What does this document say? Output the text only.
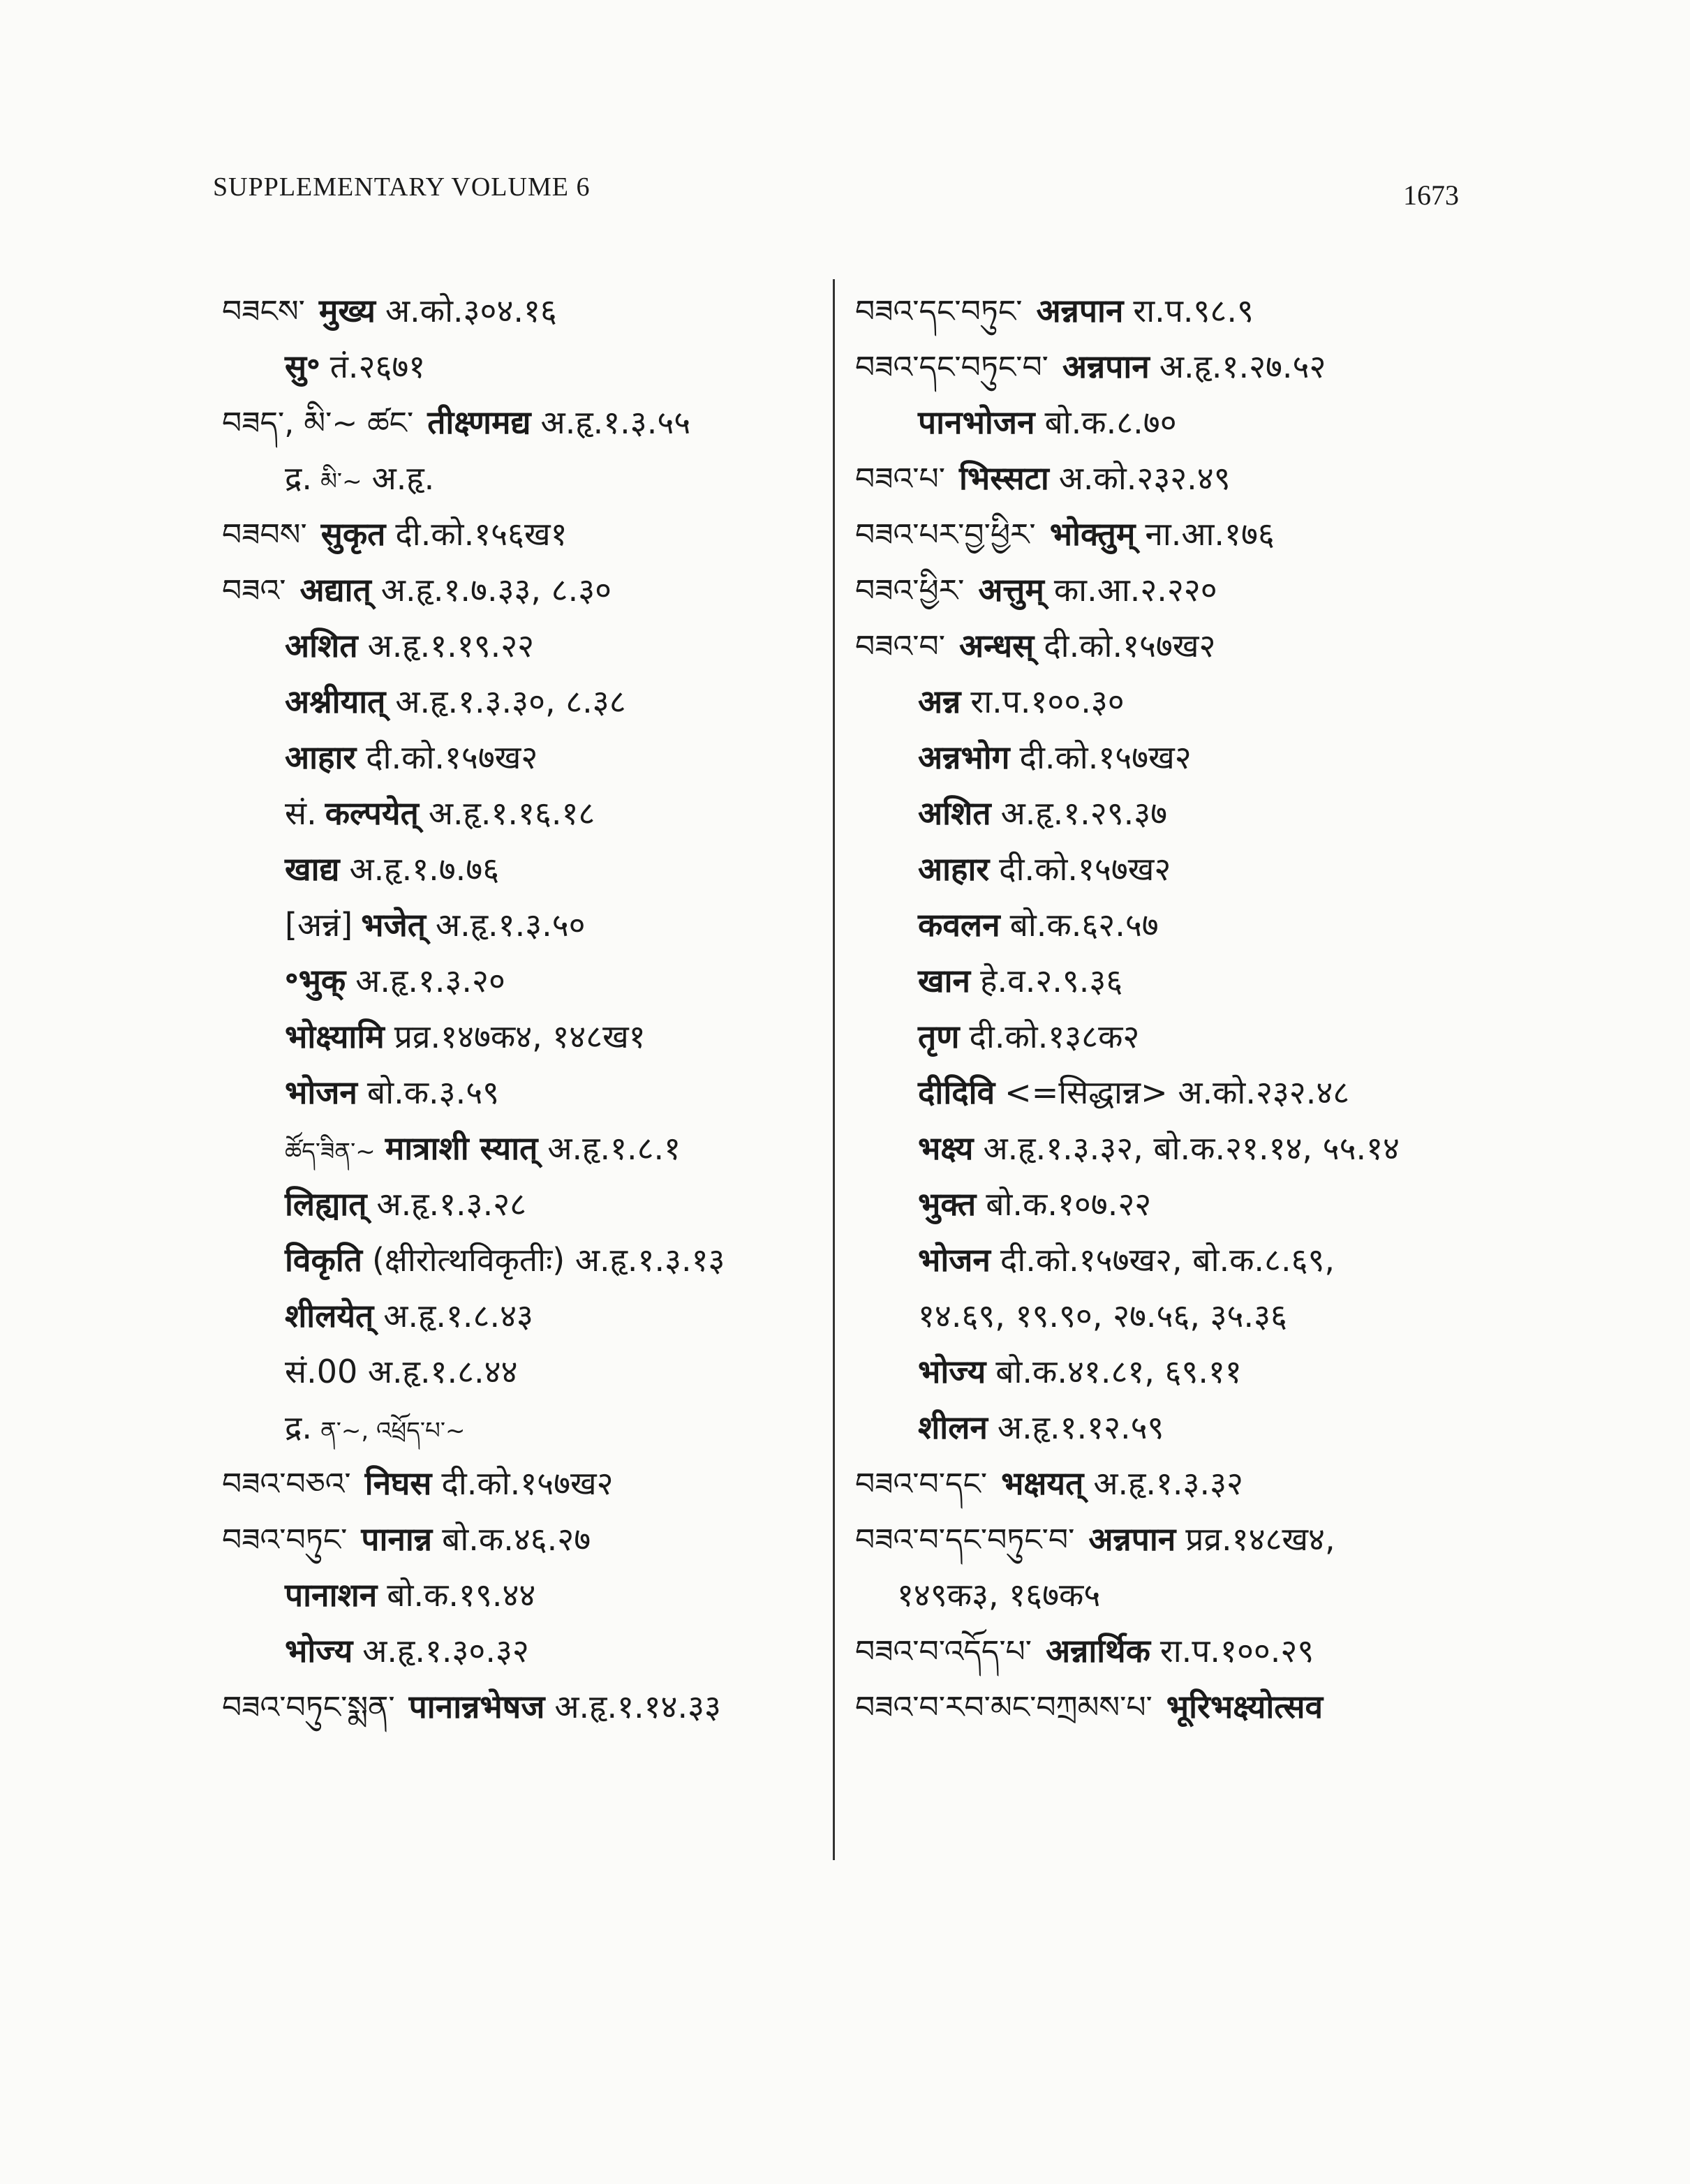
SUPPLEMENTARY VOLUME 6	1673
བཟངས་ मुख्य अ.को.३०४.१६
सु॰ तं.२६७१
བཟད་, མི་~ ཚང་ तीक्ष्णमद्य अ.हृ.१.३.५५
द्र. མི་~ अ.हृ.
བཟབས་ सुकृत दी.को.१५६ख१
བཟའ་ अद्यात् अ.हृ.१.७.३३, ८.३०
अशित अ.हृ.१.१९.२२
अश्नीयात् अ.हृ.१.३.३०, ८.३८
आहार दी.को.१५७ख२
सं. कल्पयेत् अ.हृ.१.१६.१८
खाद्य अ.हृ.१.७.७६
[अन्नं] भजेत् अ.हृ.१.३.५०
॰भुक् अ.हृ.१.३.२०
भोक्ष्यामि प्रव्र.१४७क४, १४८ख१
भोजन बो.क.३.५९
ཚོད་ཟིན་~ मात्राशी स्यात् अ.हृ.१.८.१
लिह्यात् अ.हृ.१.३.२८
विकृति (क्षीरोत्थविकृतीः) अ.हृ.१.३.१३
शीलयेत् अ.हृ.१.८.४३
सं.00 अ.हृ.१.८.४४
द्र. ན་~, འཕྲོད་པ་~
བཟའ་བཅའ་ निघस दी.को.१५७ख२
བཟའ་བཏུང་ पानान्न बो.क.४६.२७
पानाशन बो.क.१९.४४
भोज्य अ.हृ.१.३०.३२
བཟའ་བཏུང་སྨན་ पानान्नभेषज अ.हृ.१.१४.३३
བཟའ་དང་བཏུང་ अन्नपान रा.प.९८.९
བཟའ་དང་བཏུང་བ་ अन्नपान अ.हृ.१.२७.५२
पानभोजन बो.क.८.७०
བཟའ་པ་ भिस्सटा अ.को.२३२.४९
བཟའ་པར་བྱ་ཕྱིར་ भोक्तुम् ना.आ.१७६
བཟའ་ཕྱིར་ अत्तुम् का.आ.२.२२०
བཟའ་བ་ अन्धस् दी.को.१५७ख२
अन्न रा.प.१००.३०
अन्नभोग दी.को.१५७ख२
अशित अ.हृ.१.२९.३७
आहार दी.को.१५७ख२
कवलन बो.क.६२.५७
खान हे.व.२.९.३६
तृण दी.को.१३८क२
दीदिवि <=सिद्धान्न> अ.को.२३२.४८
भक्ष्य अ.हृ.१.३.३२, बो.क.२१.१४, ५५.१४
भुक्त बो.क.१०७.२२
भोजन दी.को.१५७ख२, बो.क.८.६९,
१४.६९, १९.९०, २७.५६, ३५.३६
भोज्य बो.क.४१.८१, ६९.११
शीलन अ.हृ.१.१२.५९
བཟའ་བ་དང་ भक्षयत् अ.हृ.१.३.३२
བཟའ་བ་དང་བཏུང་བ་ अन्नपान प्रव्र.१४८ख४,
१४९क३, १६७क५
བཟའ་བ་འདོད་པ་ अन्नार्थिक रा.प.१००.२९
བཟའ་བ་རབ་མང་བཀྲམས་པ་ भूरिभक्ष्योत्सव
